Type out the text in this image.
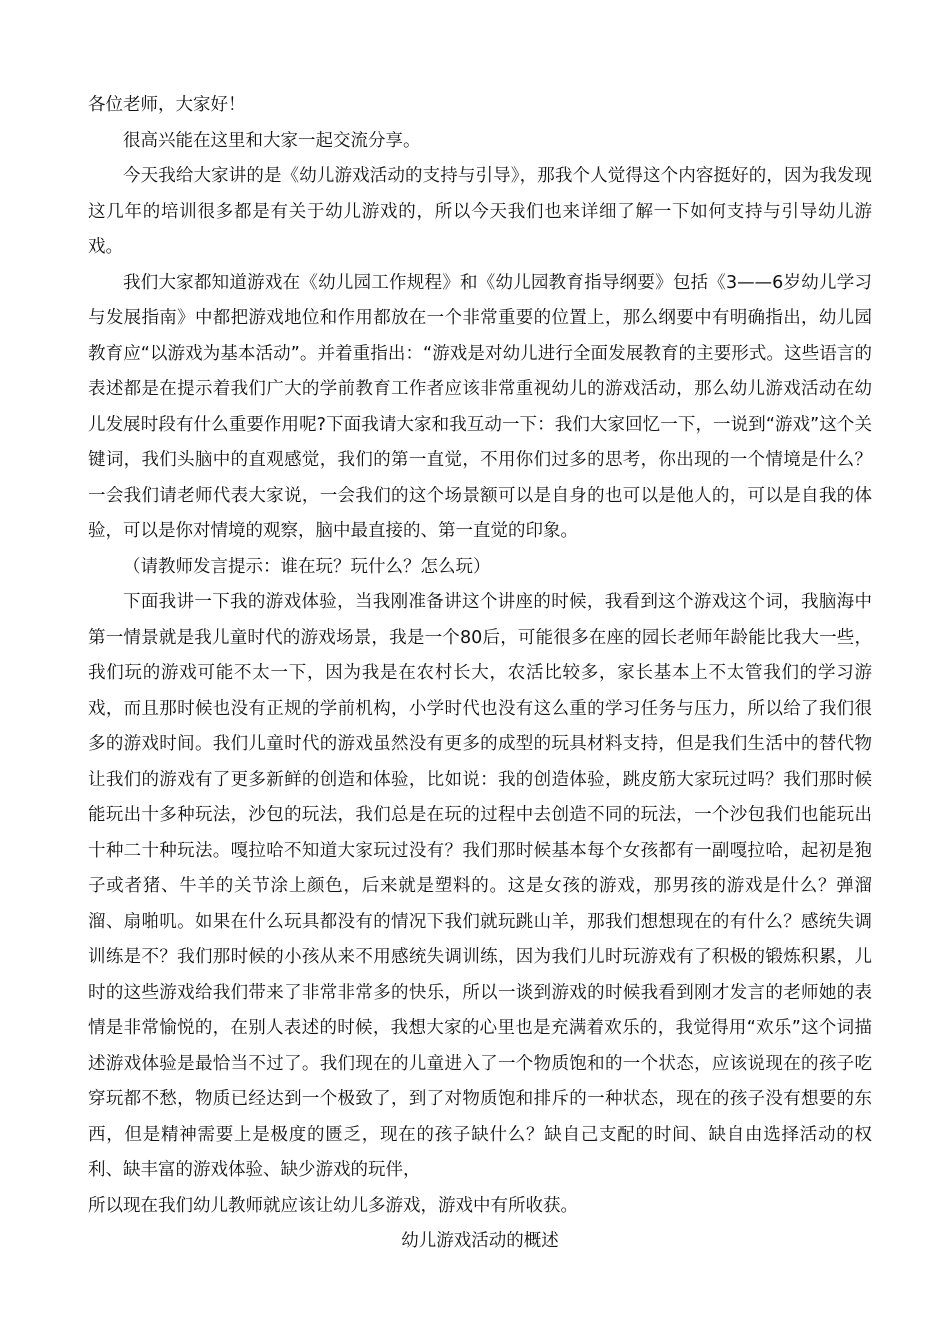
各位老师，大家好！

很高兴能在这里和大家一起交流分享。

今天我给大家讲的是《幼儿游戏活动的支持与引导》，那我个人觉得这个内容挺好的，因为我发现这几年的培训很多都是有关于幼儿游戏的，所以今天我们也来详细了解一下如何支持与引导幼儿游戏。

我们大家都知道游戏在《幼儿园工作规程》和《幼儿园教育指导纲要》包括《3——6岁幼儿学习与发展指南》中都把游戏地位和作用都放在一个非常重要的位置上，那么纲要中有明确指出，幼儿园教育应“以游戏为基本活动”。并着重指出：“游戏是对幼儿进行全面发展教育的主要形式。这些语言的表述都是在提示着我们广大的学前教育工作者应该非常重视幼儿的游戏活动，那么幼儿游戏活动在幼儿发展时段有什么重要作用呢?下面我请大家和我互动一下：我们大家回忆一下，一说到“游戏”这个关键词，我们头脑中的直观感觉，我们的第一直觉，不用你们过多的思考，你出现的一个情境是什么？一会我们请老师代表大家说，一会我们的这个场景额可以是自身的也可以是他人的，可以是自我的体验，可以是你对情境的观察，脑中最直接的、第一直觉的印象。

（请教师发言提示：谁在玩？玩什么？怎么玩）

下面我讲一下我的游戏体验，当我刚准备讲这个讲座的时候，我看到这个游戏这个词，我脑海中第一情景就是我儿童时代的游戏场景，我是一个80后，可能很多在座的园长老师年龄能比我大一些，我们玩的游戏可能不太一下，因为我是在农村长大，农活比较多，家长基本上不太管我们的学习游戏，而且那时候也没有正规的学前机构，小学时代也没有这么重的学习任务与压力，所以给了我们很多的游戏时间。我们儿童时代的游戏虽然没有更多的成型的玩具材料支持，但是我们生活中的替代物让我们的游戏有了更多新鲜的创造和体验，比如说：我的创造体验，跳皮筋大家玩过吗？我们那时候能玩出十多种玩法，沙包的玩法，我们总是在玩的过程中去创造不同的玩法，一个沙包我们也能玩出十种二十种玩法。嘎拉哈不知道大家玩过没有？我们那时候基本每个女孩都有一副嘎拉哈，起初是狍子或者猪、牛羊的关节涂上颜色，后来就是塑料的。这是女孩的游戏，那男孩的游戏是什么？弹溜溜、扇啪叽。如果在什么玩具都没有的情况下我们就玩跳山羊，那我们想想现在的有什么？感统失调训练是不？我们那时候的小孩从来不用感统失调训练，因为我们儿时玩游戏有了积极的锻炼积累，儿时的这些游戏给我们带来了非常非常多的快乐，所以一谈到游戏的时候我看到刚才发言的老师她的表情是非常愉悦的，在别人表述的时候，我想大家的心里也是充满着欢乐的，我觉得用“欢乐”这个词描述游戏体验是最恰当不过了。我们现在的儿童进入了一个物质饱和的一个状态，应该说现在的孩子吃穿玩都不愁，物质已经达到一个极致了，到了对物质饱和排斥的一种状态，现在的孩子没有想要的东西，但是精神需要上是极度的匮乏，现在的孩子缺什么？缺自己支配的时间、缺自由选择活动的权利、缺丰富的游戏体验、缺少游戏的玩伴，

所以现在我们幼儿教师就应该让幼儿多游戏，游戏中有所收获。

幼儿游戏活动的概述
